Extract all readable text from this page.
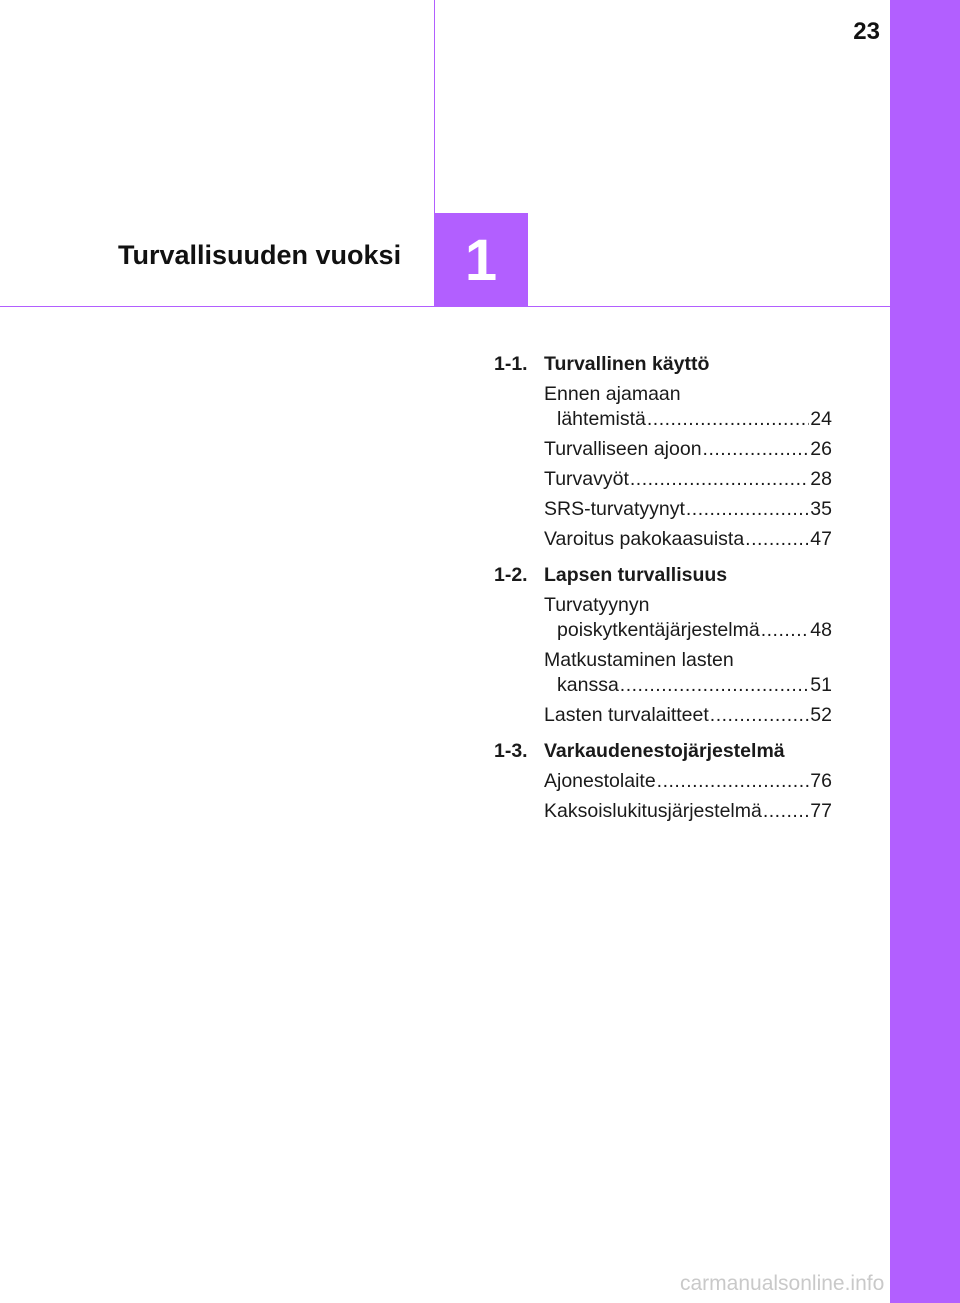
23
Turvallisuuden vuoksi 1
1-1. Turvallinen käyttö
Ennen ajamaan
lähtemistä .....	24
Turvalliseen ajoon .....	26
Turvavyöt .....	28
SRS-turvatyynyt .....	35
Varoitus pakokaasuista .....	47
1-2. Lapsen turvallisuus
Turvatyynyn
poiskytkentäjärjestelmä .....	48
Matkustaminen lasten
kanssa .....	51
Lasten turvalaitteet .....	52
1-3. Varkaudenestojärjestelmä
Ajonestolaite .....	76
Kaksoislukitusjärjestelmä ..... 77
carmanualsonline.info
